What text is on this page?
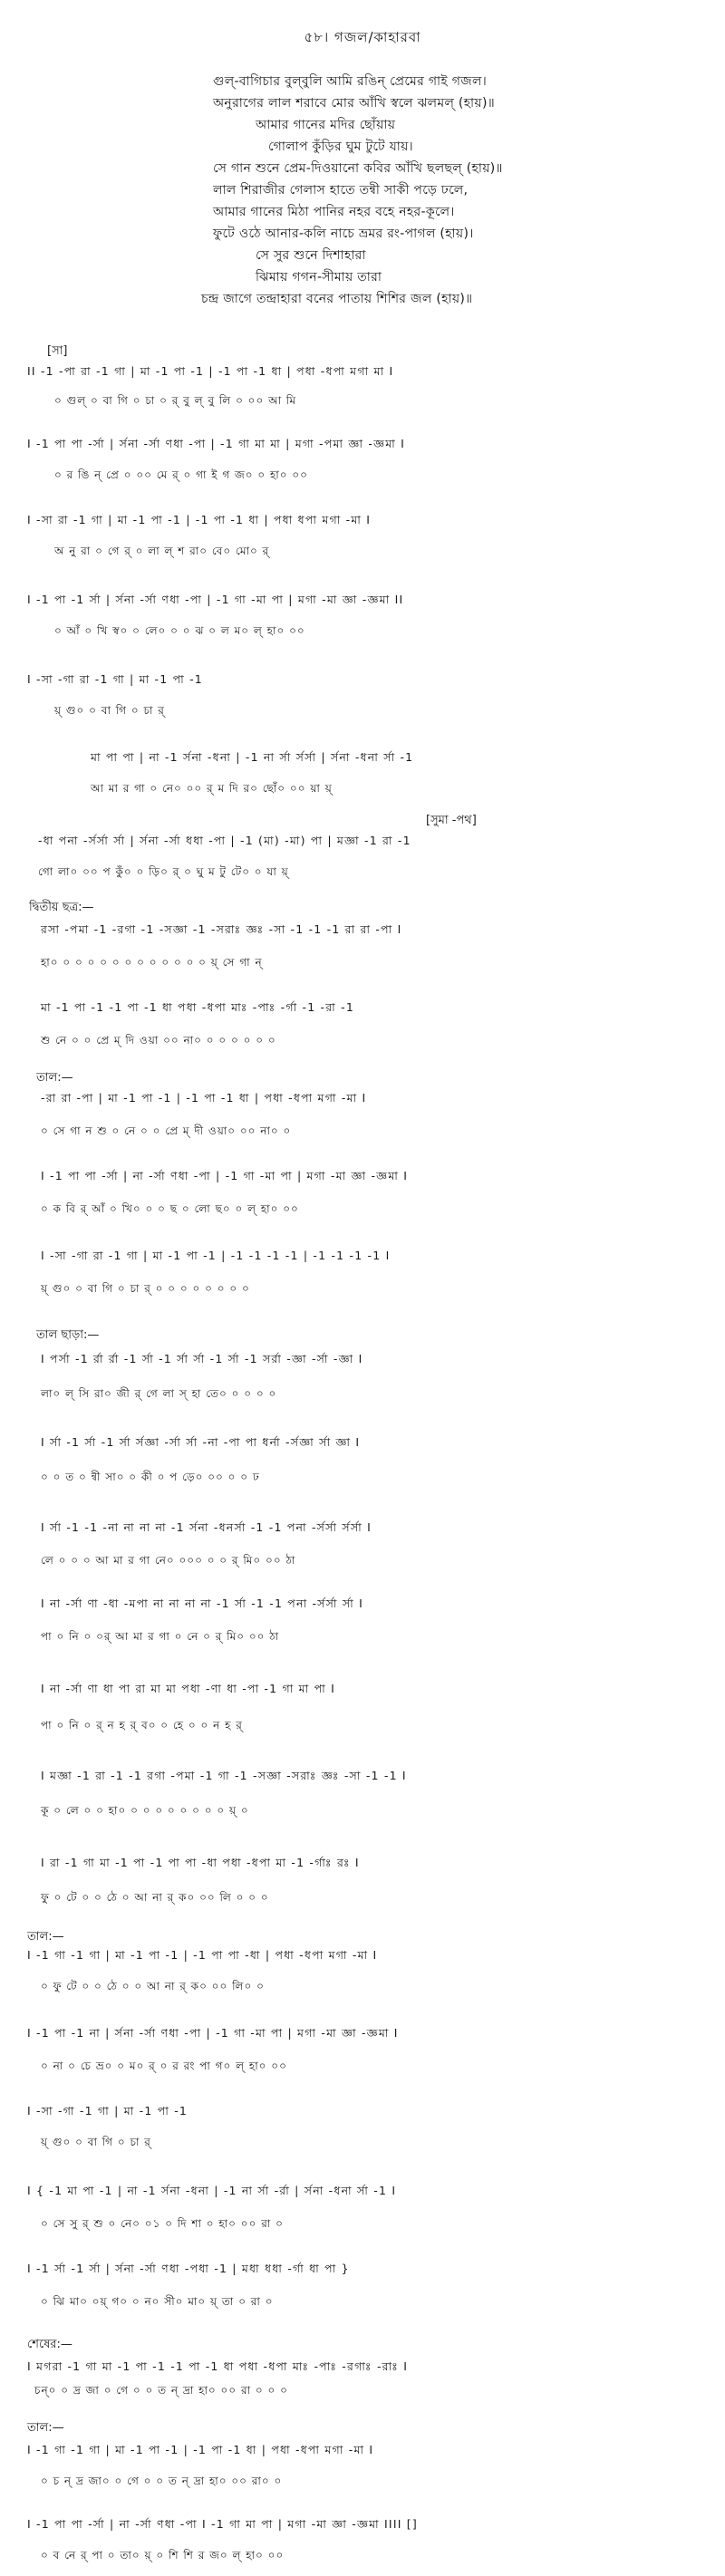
৫৮। গজল/কাহারবা
গুল্-বাগিচার বুল্‌বুলি আমি রঙিন্ প্রেমের গাই গজল।
অনুরাগের লাল শরাবে মোর আঁখি স্বলে ঝলমল্ (হায়)॥
আমার গানের মদির ছোঁয়ায়
গোলাপ কুঁড়ির ঘুম টুটে যায়।
সে গান শুনে প্রেম-দিওয়ানো কবির আঁখি ছলছল্ (হায়)॥
লাল শিরাজীর গেলাস হাতে তন্বী সাকী পড়ে ঢলে,
আমার গানের মিঠা পানির নহর বহে নহর-কূলে।
ফুটে ওঠে আনার-কলি নাচে ভ্রমর রং-পাগল (হায়)।
সে সুর শুনে দিশাহারা
ঝিমায় গগন-সীমায় তারা
চন্দ্র জাগে তন্দ্রাহারা বনের পাতায় শিশির জল (হায়)॥
[সা]
II -1 -পা রা -1 গা | মা -1 পা -1 | -1 পা -1 ধা | পধা -ধপা মগা মা I
০ গুল্ ০ বা গি ০ চা ০ র্ বু ল্ বু লি ০ ০০ আ মি
I -1 পা পা -র্সা | র্সনা -র্সা ণধা -পা | -1 গা মা মা | মগা -পমা জ্ঞা -জ্ঞমা I
০ র ঙি ন্ প্রে ০ ০০ মে র্ ০ গা ই গ জ০ ০ হা০ ০০
I -সা রা -1 গা | মা -1 পা -1 | -1 পা -1 ধা | পধা ধপা মগা -মা I
অ নু রা ০ গে র্ ০ লা ল্ শ রা০ বে০ মো০ র্
I -1 পা -1 র্সা | র্সনা -র্সা ণধা -পা | -1 গা -মা পা | মগা -মা জ্ঞা -জ্ঞমা II
০ আঁ ০ খি স্ব০ ০ লে০ ০ ০ ঝ ০ ল ম০ ল্ হা০ ০০
I -সা -গা রা -1 গা | মা -1 পা -1
য়্ গু০ ০ বা গি ০ চা র্
মা পা পা | না -1 র্সনা -ধনা | -1 না র্সা র্সর্সা | র্সনা -ধনা র্সা -1
আ মা র গা ০ নে০ ০০ র্ ম দি র০ ছোঁ০ ০০ য়া য়্
[সুমা -পথ]
-ধা পনা -র্সর্সা র্সা | র্সনা -র্সা ধধা -পা | -1 (মা) -মা) পা | মজ্ঞা -1 রা -1
গো লা০ ০০ প কুঁ০ ০ ড়ি০ র্ ০ ঘু ম টু টে০ ০ যা য়্
দ্বিতীয় ছত্র:—
রসা -পমা -1 -রগা -1 -সজ্ঞা -1 -সরাঃ জ্ঞঃ -সা -1 -1 -1 রা রা -পা I
হা০ ০ ০ ০ ০ ০ ০ ০ ০ ০ ০ ০ ০ য়্ সে গা ন্
মা -1 পা -1 -1 পা -1 ধা পধা -ধপা মাঃ -পাঃ -র্গা -1 -রা -1
শু নে ০ ০ প্রে ম্ দি ওয়া ০০ না০ ০ ০ ০ ০ ০ ০
তাল:—
-রা রা -পা | মা -1 পা -1 | -1 পা -1 ধা | পধা -ধপা মগা -মা I
০ সে গা ন শু ০ নে ০ ০ প্রে ম্ দী ওয়া০ ০০ না০ ০
I -1 পা পা -র্সা | না -র্সা ণধা -পা | -1 গা -মা পা | মগা -মা জ্ঞা -জ্ঞমা I
০ ক বি র্ আঁ ০ খি০ ০ ০ ছ ০ লো ছ০ ০ ল্ হা০ ০০
I -সা -গা রা -1 গা | মা -1 পা -1 | -1 -1 -1 -1 | -1 -1 -1 -1 I
য়্ গু০ ০ বা গি ০ চা র্ ০ ০ ০ ০ ০ ০ ০ ০
তাল ছাড়া:—
I পর্সা -1 র্রা র্রা -1 র্সা -1 র্সা র্সা -1 র্সা -1 সর্রা -জ্ঞা -র্সা -জ্ঞা I
লা০ ল্ সি রা০ জী র্ গে লা স্ হা তে০ ০ ০ ০ ০
I র্সা -1 র্সা -1 র্সা র্সজ্ঞা -র্সা র্সা -না -পা পা ধর্না -র্সজ্ঞা র্সা জ্ঞা I
০ ০ ত ০ ন্বী সা০ ০ কী ০ প ড়ে০ ০০ ০ ০ ঢ
I র্সা -1 -1 -না না না না -1 র্সনা -ধনর্সা -1 -1 পনা -র্সর্সা র্সর্সা I
লে ০ ০ ০ আ মা র গা নে০ ০০০ ০ ০ র্ মি০ ০০ ঠা
I না -র্সা ণা -ধা -মপা না না না না -1 র্সা -1 -1 পনা -র্সর্সা র্সা I
পা ০ নি ০ ০র্ আ মা র গা ০ নে ০ র্ মি০ ০০ ঠা
I না -র্সা ণা ধা পা রা মা মা পধা -ণা ধা -পা -1 গা মা পা I
পা ০ নি ০ র্ ন হ র্ ব০ ০ হে ০ ০ ন হ র্
I মজ্ঞা -1 রা -1 -1 রগা -পমা -1 গা -1 -সজ্ঞা -সরাঃ জ্ঞঃ -সা -1 -1 I
কূ ০ লে ০ ০ হা০ ০ ০ ০ ০ ০ ০ ০ ০ য়্ ০
I রা -1 গা মা -1 পা -1 পা পা -ধা পধা -ধপা মা -1 -র্গাঃ রঃ I
ফু ০ টে ০ ০ ঠে ০ আ না র্ ক০ ০০ লি ০ ০ ০
তাল:—
I -1 গা -1 গা | মা -1 পা -1 | -1 পা পা -ধা | পধা -ধপা মগা -মা I
০ ফু টে ০ ০ ঠে ০ ০ আ না র্ ক০ ০০ লি০ ০
I -1 পা -1 না | র্সনা -র্সা ণধা -পা | -1 গা -মা পা | মগা -মা জ্ঞা -জ্ঞমা I
০ না ০ চে ভ্র০ ০ ম০ র্ ০ র রং পা গ০ ল্ হা০ ০০
I -সা -গা -1 গা | মা -1 পা -1
য়্ গু০ ০ বা গি ০ চা র্
I { -1 মা পা -1 | না -1 র্সনা -ধনা | -1 না র্সা -র্রা | র্সনা -ধনা র্সা -1 I
০ সে সু র্ শু ০ নে০ ০১ ০ দি শা ০ হা০ ০০ রা ০
I -1 র্সা -1 র্সা | র্সনা -র্সা ণধা -পধা -1 | মধা ধধা -র্গা ধা পা }
০ ঝি মা০ ০য়্ গ০ ০ ন০ সী০ মা০ য়্ তা ০ রা ০
শেষের:—
I মগরা -1 গা মা -1 পা -1 -1 পা -1 ধা পধা -ধপা মাঃ -পাঃ -রগাঃ -রাঃ I
চন্০ ০ দ্র জা ০ গে ০ ০ ত ন্ দ্রা হা০ ০০ রা ০ ০ ০
তাল:—
I -1 গা -1 গা | মা -1 পা -1 | -1 পা -1 ধা | পধা -ধপা মগা -মা I
০ চ ন্ দ্র জা০ ০ গে ০ ০ ত ন্ দ্রা হা০ ০০ রা০ ০
I -1 পা পা -র্সা | না -র্সা ণধা -পা I -1 গা মা পা | মগা -মা জ্ঞা -জ্ঞমা IIII []
০ ব নে র্ পা ০ তা০ য়্ ০ শি শি র জ০ ল্ হা০ ০০
